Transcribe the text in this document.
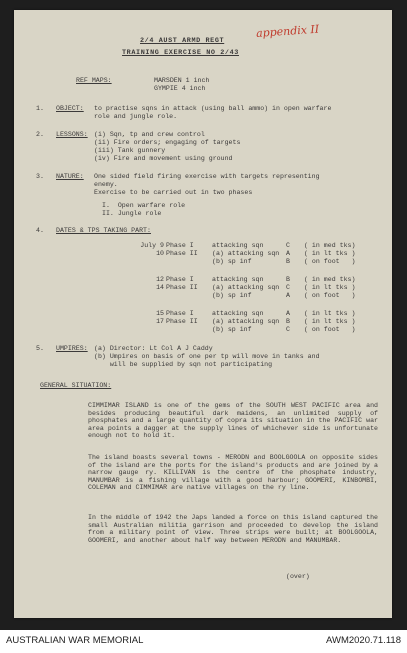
appendix II
2/4 AUST ARMD REGT
TRAINING EXERCISE NO 2/43
REF MAPS:	MARSDEN 1 inch
GYMPIE 4 inch
1. OBJECT: to practise sqns in attack (using ball ammo) in open warfare
role and jungle role.
2. LESSONS: (i) Sqn, tp and crew control
(ii) Fire orders; engaging of targets
(iii) Tank gunnery
(iv) Fire and movement using ground
3. NATURE: One sided field firing exercise with targets representing
enemy.
Exercise to be carried out in two phases
I.  Open warfare role
II. Jungle role
4. DATES & TPS TAKING PART:
July 9 Phase I	attacking sqn	C ( in med tks)
10 Phase II (a) attacking sqn A ( in lt tks )
(b) sp inf	B ( on foot   )
12 Phase I	attacking sqn	B ( in med tks)
14 Phase II (a) attacking sqn C ( in lt tks )
(b) sp inf	A ( on foot   )
15 Phase I	attacking sqn	A ( in lt tks )
17 Phase II (a) attacking sqn B ( in lt tks )
(b) sp inf	C ( on foot   )
5. UMPIRES: (a) Director: Lt Col A J Caddy
(b) Umpires on basis of one per tp will move in tanks and
will be supplied by sqn not participating
GENERAL SITUATION:
CIMMIMAR ISLAND is one of the gems of the SOUTH WEST PACIFIC area and besides producing beautiful dark maidens, an unlimited supply of phosphates and a large quantity of copra its situation in the PACIFIC war area points a dagger at the supply lines of whichever side is unfortunate enough not to hold it.
The island boasts several towns - MERODN and BOOLGOOLA on opposite sides of the island are the ports for the island's products and are joined by a narrow gauge ry. KILLIVAN is the centre of the phosphate industry, MANUMBAR is a fishing village with a good harbour; GOOMERI, KINBOMBI, COLEMAN and CIMMIMAR are native villages on the ry line.
In the middle of 1942 the Japs landed a force on this island captured the small Australian militia garrison and proceeded to develop the island from a military point of view. Three strips were built; at BOOLGOOLA, GOOMERI, and another about half way between MERODN and MANUMBAR.
(over)
AUSTRALIAN WAR MEMORIAL	AWM2020.71.118
